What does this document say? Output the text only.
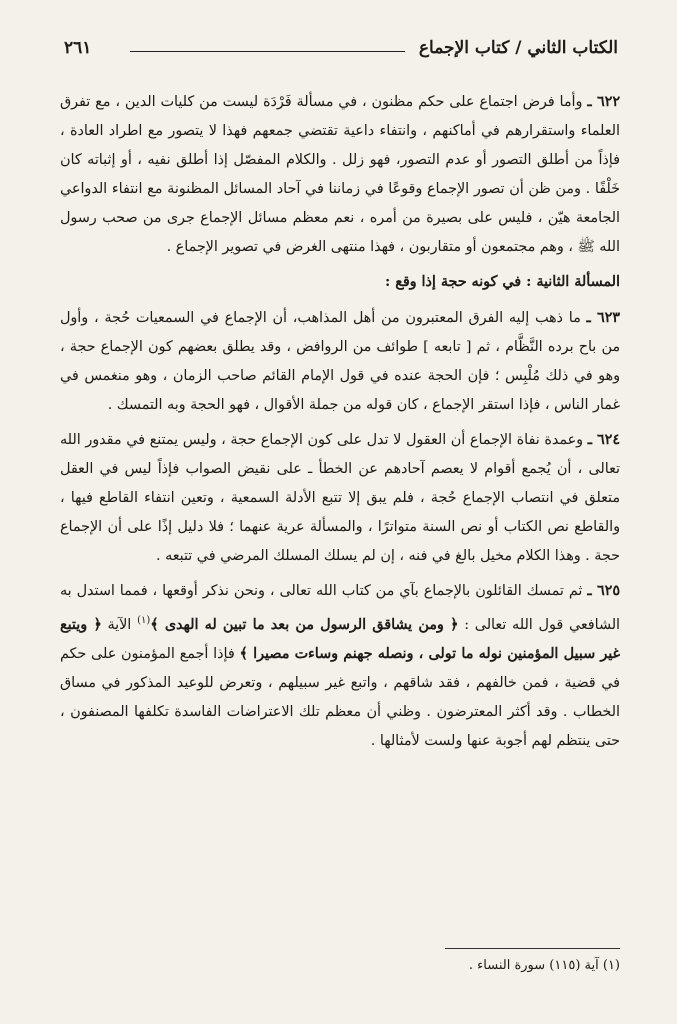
الكتاب الثاني / كتاب الإجماع
٢٦١

٦٢٢ ـ وأما فرض اجتماع على حكم مظنون ، في مسألة فَرْدَة ليست من كليات الدين ، مع تفرق العلماء واستقرارهم في أماكنهم ، وانتفاء داعية تقتضي جمعهم فهذا لا يتصور مع اطراد العادة ، فإذاً من أطلق التصور أو عدم التصور، فهو زلل . والكلام المفصّل إذا أطلق نفيه ، أو إثباته كان خَلْفًا . ومن ظن أن تصور الإجماع وقوعًا في زماننا في آحاد المسائل المظنونة مع انتفاء الدواعي الجامعة هيّن ، فليس على بصيرة من أمره ، نعم معظم مسائل الإجماع جرى من صحب رسول الله ﷺ ، وهم مجتمعون أو متقاربون ، فهذا منتهى الغرض في تصوير الإجماع .

المسألة الثانية : في كونه حجة إذا وقع :

٦٢٣ ـ ما ذهب إليه الفرق المعتبرون من أهل المذاهب، أن الإجماع في السمعيات حُجة ، وأول من باح برده النَّظَّام ، ثم [ تابعه ] طوائف من الروافض ، وقد يطلق بعضهم كون الإجماع حجة ، وهو في ذلك مُلْبِس ؛ فإن الحجة عنده في قول الإمام القائم صاحب الزمان ، وهو منغمس في غمار الناس ، فإذا استقر الإجماع ، كان قوله من جملة الأقوال ، فهو الحجة وبه التمسك .

٦٢٤ ـ وعمدة نفاة الإجماع أن العقول لا تدل على كون الإجماع حجة ، وليس يمتنع في مقدور الله تعالى ، أن يُجمع أقوام لا يعصم آحادهم عن الخطأ ـ على نقيض الصواب فإذاً ليس في العقل متعلق في انتصاب الإجماع حُجة ، فلم يبق إلا تتبع الأدلة السمعية ، وتعين انتفاء القاطع فيها ، والقاطع نص الكتاب أو نص السنة متواترًا ، والمسألة عرية عنهما ؛ فلا دليل إذًا على أن الإجماع حجة . وهذا الكلام مخيل بالغ في فنه ، إن لم يسلك المسلك المرضي في تتبعه .

٦٢٥ ـ ثم تمسك القائلون بالإجماع بآي من كتاب الله تعالى ، ونحن نذكر أوقعها ، فمما استدل به الشافعي قول الله تعالى : ﴿ ومن يشاقق الرسول من بعد ما تبين له الهدى ﴾$^{(١)}$ الآية ﴿ ويتبع غير سبيل المؤمنين نوله ما تولى ، ونصله جهنم وساءت مصيرا ﴾ فإذا أجمع المؤمنون على حكم في قضية ، فمن خالفهم ، فقد شاقهم ، واتبع غير سبيلهم ، وتعرض للوعيد المذكور في مساق الخطاب . وقد أكثر المعترضون . وظني أن معظم تلك الاعتراضات الفاسدة تكلفها المصنفون ، حتى ينتظم لهم أجوبة عنها ولست لأمثالها .

(١) آية (١١٥) سورة النساء .
